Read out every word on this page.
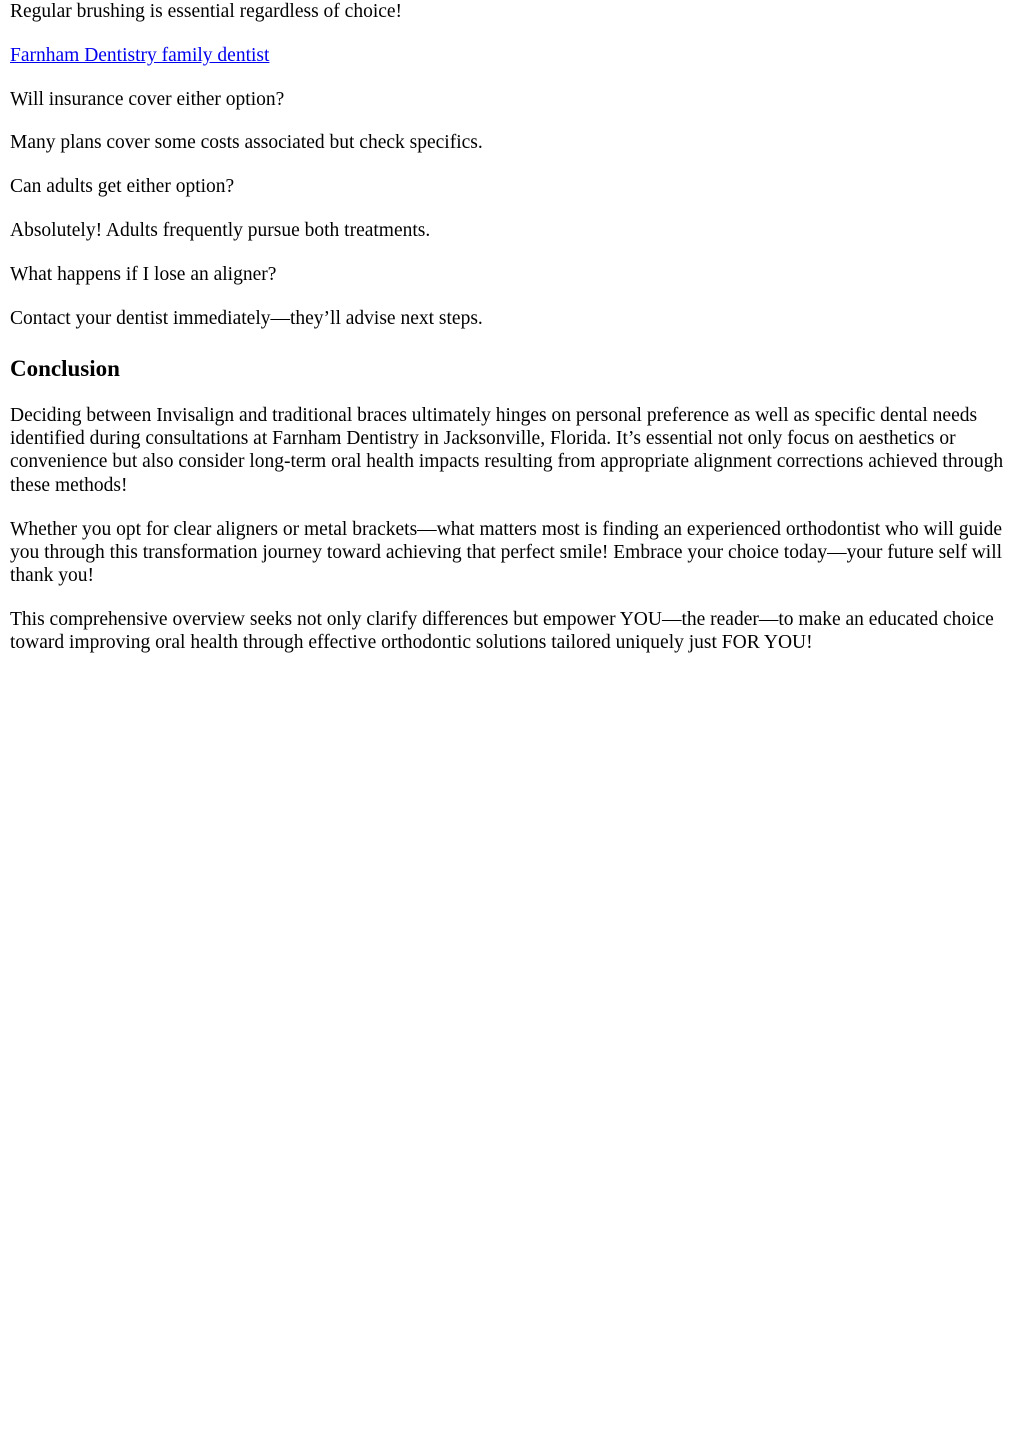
Regular brushing is essential regardless of choice!

Farnham Dentistry family dentist

Will insurance cover either option?

Many plans cover some costs associated but check specifics.

Can adults get either option?

Absolutely! Adults frequently pursue both treatments.

What happens if I lose an aligner?

Contact your dentist immediately—they’ll advise next steps.

Conclusion

Deciding between Invisalign and traditional braces ultimately hinges on personal preference as well as specific dental needs identified during consultations at Farnham Dentistry in Jacksonville, Florida. It’s essential not only focus on aesthetics or convenience but also consider long-term oral health impacts resulting from appropriate alignment corrections achieved through these methods!

Whether you opt for clear aligners or metal brackets—what matters most is finding an experienced orthodontist who will guide you through this transformation journey toward achieving that perfect smile! Embrace your choice today—your future self will thank you!

This comprehensive overview seeks not only clarify differences but empower YOU—the reader—to make an educated choice toward improving oral health through effective orthodontic solutions tailored uniquely just FOR YOU!
